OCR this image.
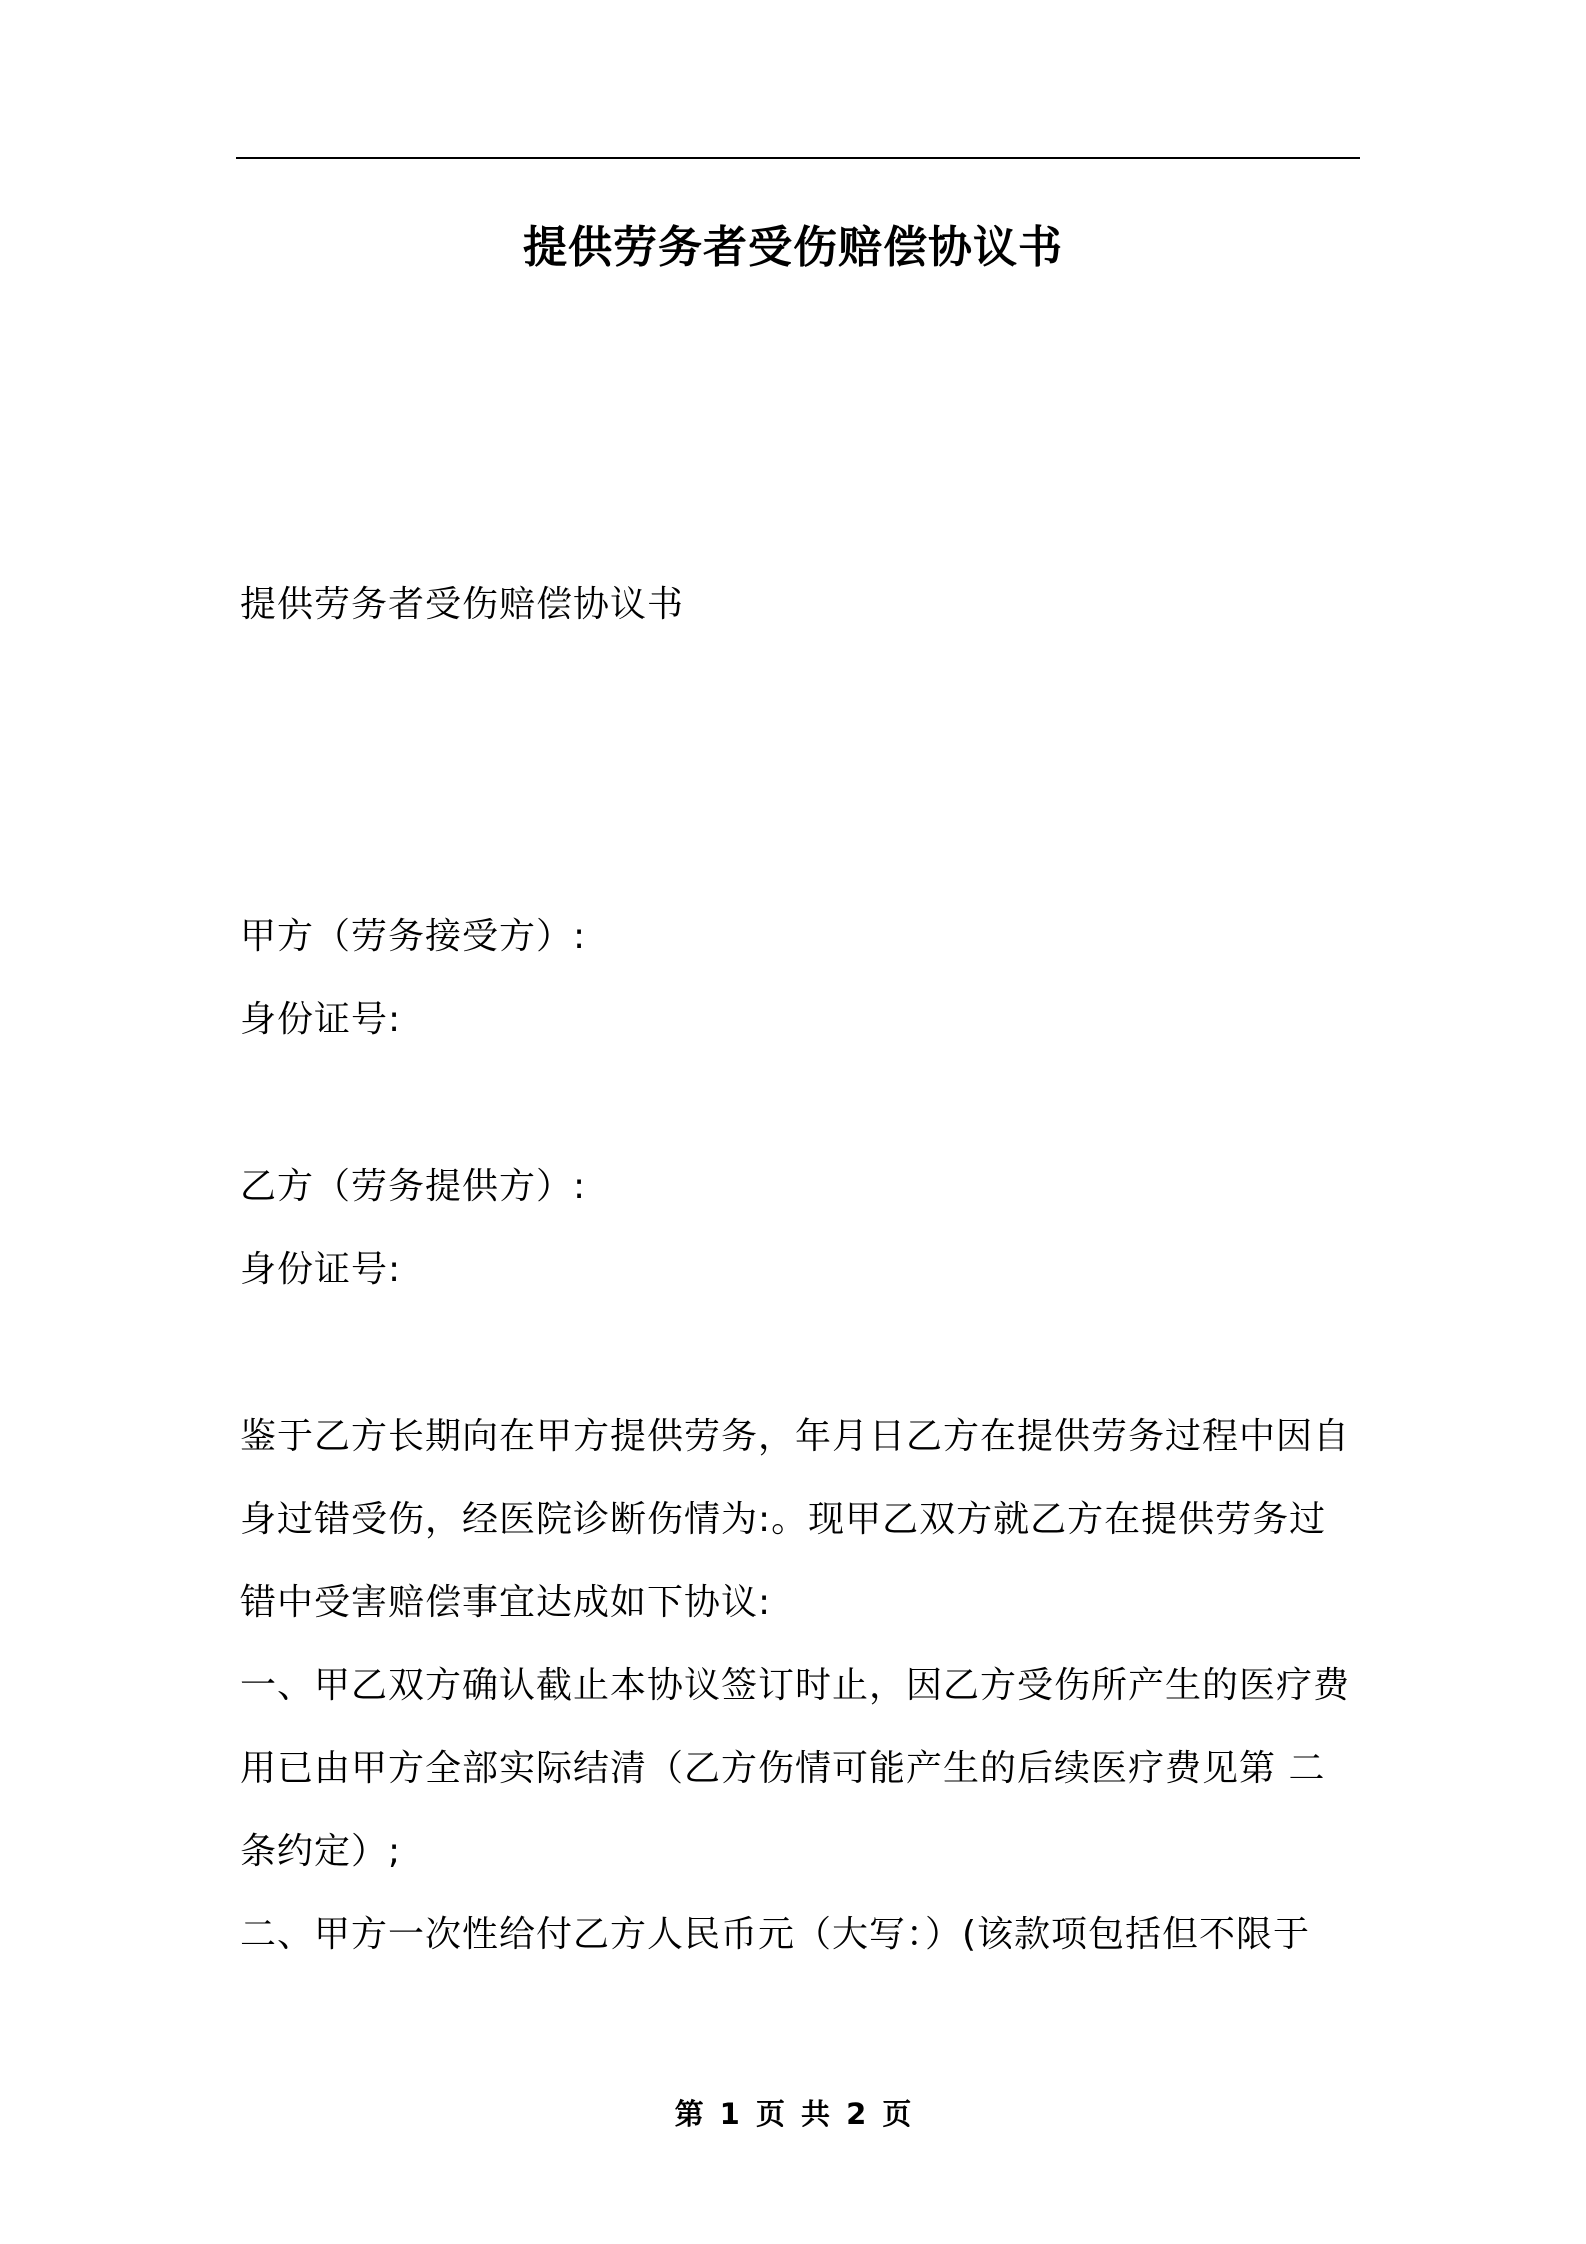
提供劳务者受伤赔偿协议书
提供劳务者受伤赔偿协议书
甲方（劳务接受方）:
身份证号:
乙方（劳务提供方）:
身份证号:
鉴于乙方长期向在甲方提供劳务，年月日乙方在提供劳务过程中因自
身过错受伤，经医院诊断伤情为:。现甲乙双方就乙方在提供劳务过
错中受害赔偿事宜达成如下协议:
一、甲乙双方确认截止本协议签订时止，因乙方受伤所产生的医疗费
用已由甲方全部实际结清（乙方伤情可能产生的后续医疗费见第 二
条约定）;
二、甲方一次性给付乙方人民币元（大写：）(该款项包括但不限于
第 1 页 共 2 页
